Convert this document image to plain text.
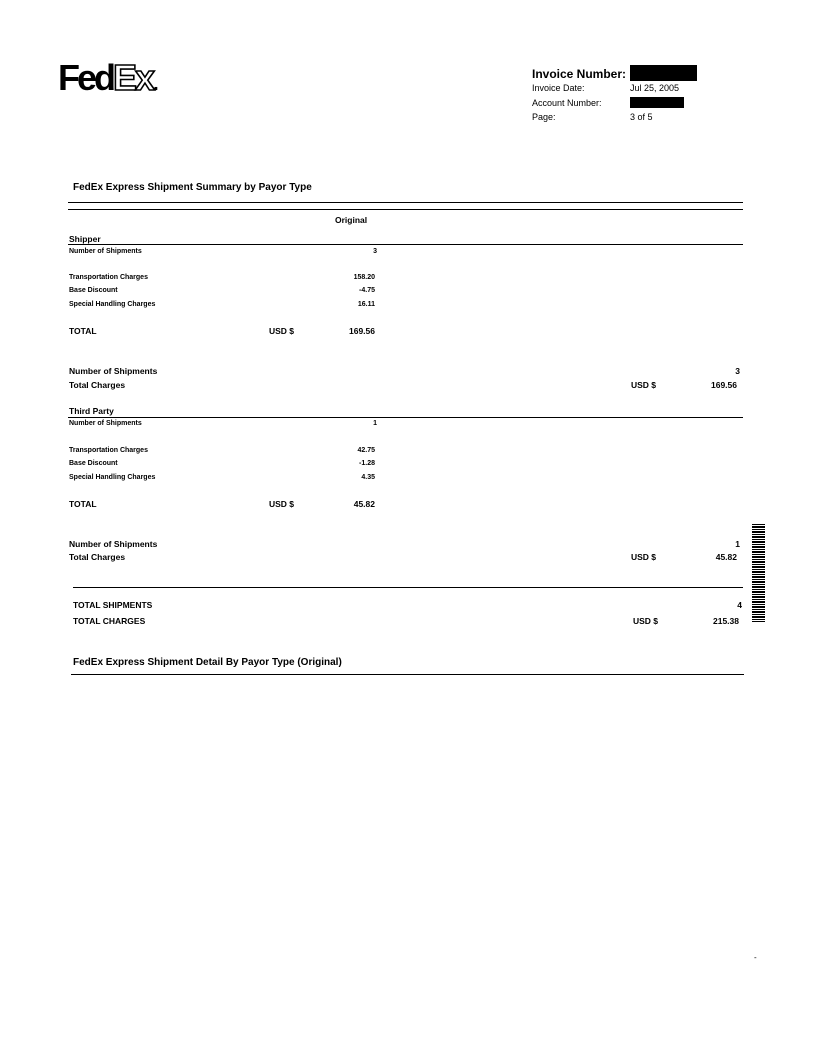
FedEx.	Invoice Number:
Invoice Date:	Jul 25, 2005
Account Number:
Page:	3 of 5
FedEx Express Shipment Summary by Payor Type
Original
Shipper
Number of Shipments	3
Transportation Charges	158.20
Base Discount	-4.75
Special Handling Charges	16.11
TOTAL	USD $	169.56
Number of Shipments	3
Total Charges	USD $	169.56
Third Party
Number of Shipments	1
Transportation Charges	42.75
Base Discount	-1.28
Special Handling Charges	4.35
TOTAL	USD $	45.82
Number of Shipments	1
Total Charges	USD $	45.82
TOTAL SHIPMENTS	4
TOTAL CHARGES	USD $	215.38
FedEx Express Shipment Detail By Payor Type (Original)
-
